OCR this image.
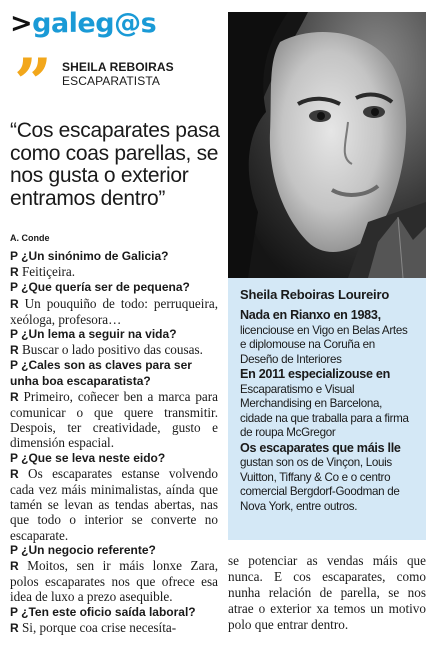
>galeg@s
” SHEILA REBOIRAS
ESCAPARATISTA
“Cos escaparates pasa como coas parellas, se nos gusta o exterior entramos dentro”
A. Conde
P ¿Un sinónimo de Galicia?
R Feitiçeira.
P ¿Que quería ser de pequena?
R Un pouquiño de todo: perruqueira, xeóloga, profesora…
P ¿Un lema a seguir na vida?
R Buscar o lado positivo das cousas.
P ¿Cales son as claves para ser unha boa escaparatista?
R Primeiro, coñecer ben a marca para comunicar o que quere transmitir. Despois, ter creatividade, gusto e dimensión espacial.
P ¿Que se leva neste eido?
R Os escaparates estanse volvendo cada vez máis minimalistas, aínda que tamén se levan as tendas abertas, nas que todo o interior se converte no escaparate.
P ¿Un negocio referente?
R Moitos, sen ir máis lonxe Zara, polos escaparates nos que ofrece esa idea de luxo a prezo asequible.
P ¿Ten este oficio saída laboral?
R Si, porque coa crise necesíta-
Sheila Reboiras Loureiro

Nada en Rianxo en 1983, licenciouse en Vigo en Belas Artes e diplomouse na Coruña en Deseño de Interiores

En 2011 especializouse en Escaparatismo e Visual Merchandising en Barcelona, cidade na que traballa para a firma de roupa McGregor

Os escaparates que máis lle gustan son os de Vinçon, Louis Vuitton, Tiffany & Co e o centro comercial Bergdorf-Goodman de Nova York, entre outros.

se potenciar as vendas máis que nunca. E cos escaparates, como nunha relación de parella, se nos atrae o exterior xa temos un motivo polo que entrar dentro.
